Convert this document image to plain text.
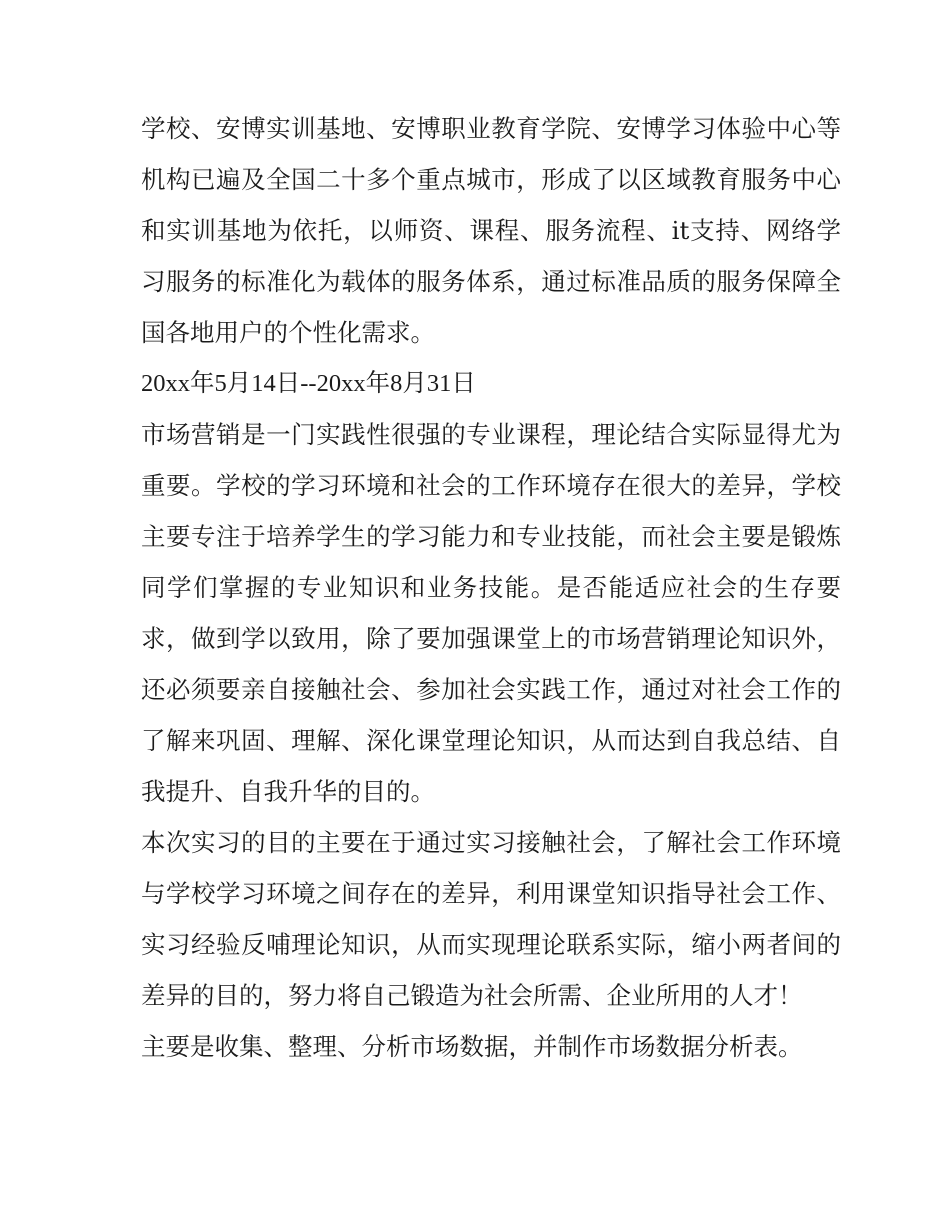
学校、安博实训基地、安博职业教育学院、安博学习体验中心等机构已遍及全国二十多个重点城市，形成了以区域教育服务中心和实训基地为依托，以师资、课程、服务流程、it支持、网络学习服务的标准化为载体的服务体系，通过标准品质的服务保障全国各地用户的个性化需求。

20xx年5月14日--20xx年8月31日

市场营销是一门实践性很强的专业课程，理论结合实际显得尤为重要。学校的学习环境和社会的工作环境存在很大的差异，学校主要专注于培养学生的学习能力和专业技能，而社会主要是锻炼同学们掌握的专业知识和业务技能。是否能适应社会的生存要求，做到学以致用，除了要加强课堂上的市场营销理论知识外，还必须要亲自接触社会、参加社会实践工作，通过对社会工作的了解来巩固、理解、深化课堂理论知识，从而达到自我总结、自我提升、自我升华的目的。

本次实习的目的主要在于通过实习接触社会，了解社会工作环境与学校学习环境之间存在的差异，利用课堂知识指导社会工作、实习经验反哺理论知识，从而实现理论联系实际，缩小两者间的差异的目的，努力将自己锻造为社会所需、企业所用的人才！

主要是收集、整理、分析市场数据，并制作市场数据分析表。
